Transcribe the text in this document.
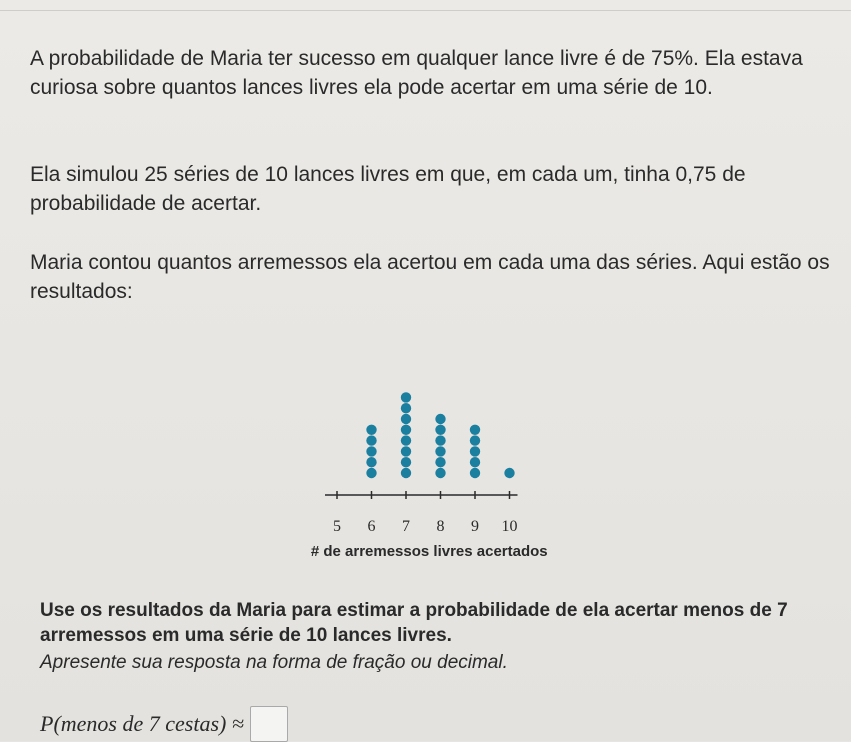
A probabilidade de Maria ter sucesso em qualquer lance livre é de 75%. Ela estava curiosa sobre quantos lances livres ela pode acertar em uma série de 10.
Ela simulou 25 séries de 10 lances livres em que, em cada um, tinha 0,75 de probabilidade de acertar.
Maria contou quantos arremessos ela acertou em cada uma das séries. Aqui estão os resultados:
5 6 7 8 9 10
# de arremessos livres acertados
Use os resultados da Maria para estimar a probabilidade de ela acertar menos de 7 arremessos em uma série de 10 lances livres.
Apresente sua resposta na forma de fração ou decimal.
P(menos de 7 cestas) ≈
